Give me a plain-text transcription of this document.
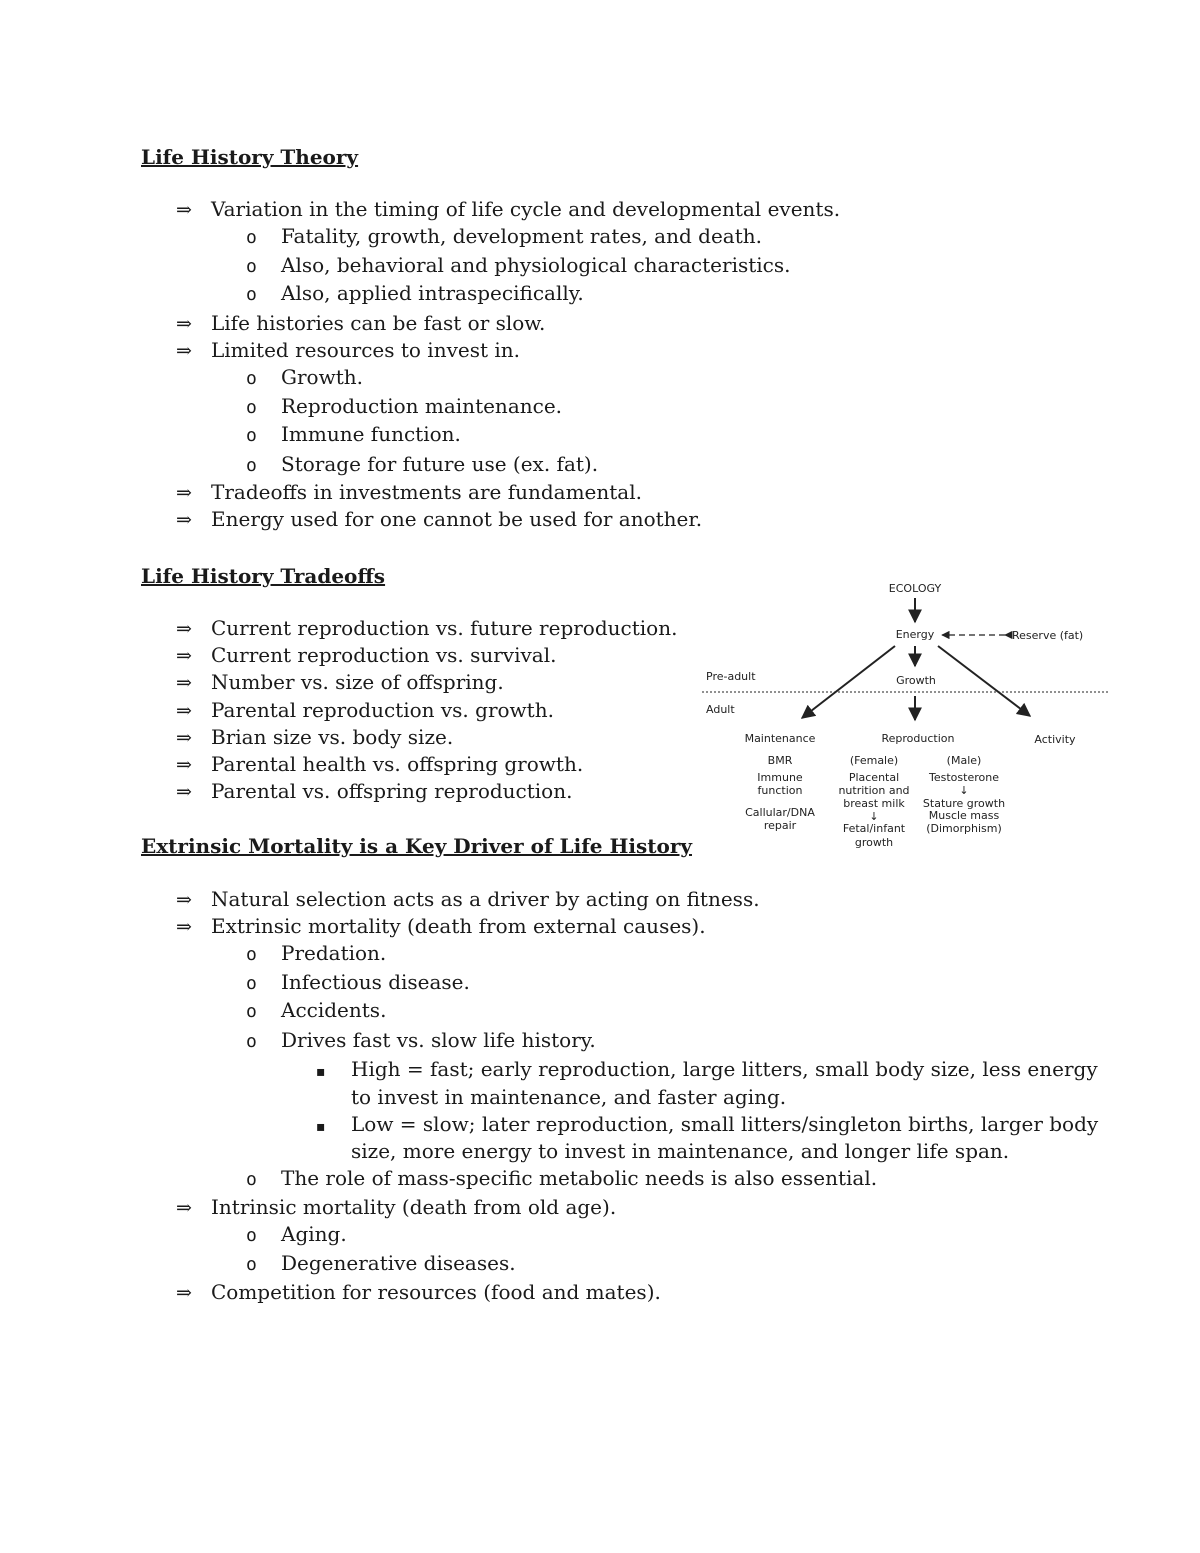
Life History Theory
⇒ Variation in the timing of life cycle and developmental events.
o Fatality, growth, development rates, and death.
o Also, behavioral and physiological characteristics.
o Also, applied intraspecifically.
⇒ Life histories can be fast or slow.
⇒ Limited resources to invest in.
o Growth.
o Reproduction maintenance.
o Immune function.
o Storage for future use (ex. fat).
⇒ Tradeoffs in investments are fundamental.
⇒ Energy used for one cannot be used for another.
Life History Tradeoffs
⇒ Current reproduction vs. future reproduction.
⇒ Current reproduction vs. survival.
⇒ Number vs. size of offspring.
⇒ Parental reproduction vs. growth.
⇒ Brian size vs. body size.
⇒ Parental health vs. offspring growth.
⇒ Parental vs. offspring reproduction.
ECOLOGY
Energy	Reserve (fat)
Pre-adult	Growth
Adult
Maintenance	Reproduction	Activity
BMR
Immune
function
Callular/DNA
repair
(Female)
Placental
nutrition and
breast milk
↓
Fetal/infant
growth
(Male)
Testosterone
↓
Stature growth
Muscle mass
(Dimorphism)
Extrinsic Mortality is a Key Driver of Life History
⇒ Natural selection acts as a driver by acting on fitness.
⇒ Extrinsic mortality (death from external causes).
o Predation.
o Infectious disease.
o Accidents.
o Drives fast vs. slow life history.
▪ High = fast; early reproduction, large litters, small body size, less energy
to invest in maintenance, and faster aging.
▪ Low = slow; later reproduction, small litters/singleton births, larger body
size, more energy to invest in maintenance, and longer life span.
o The role of mass-specific metabolic needs is also essential.
⇒ Intrinsic mortality (death from old age).
o Aging.
o Degenerative diseases.
⇒ Competition for resources (food and mates).
